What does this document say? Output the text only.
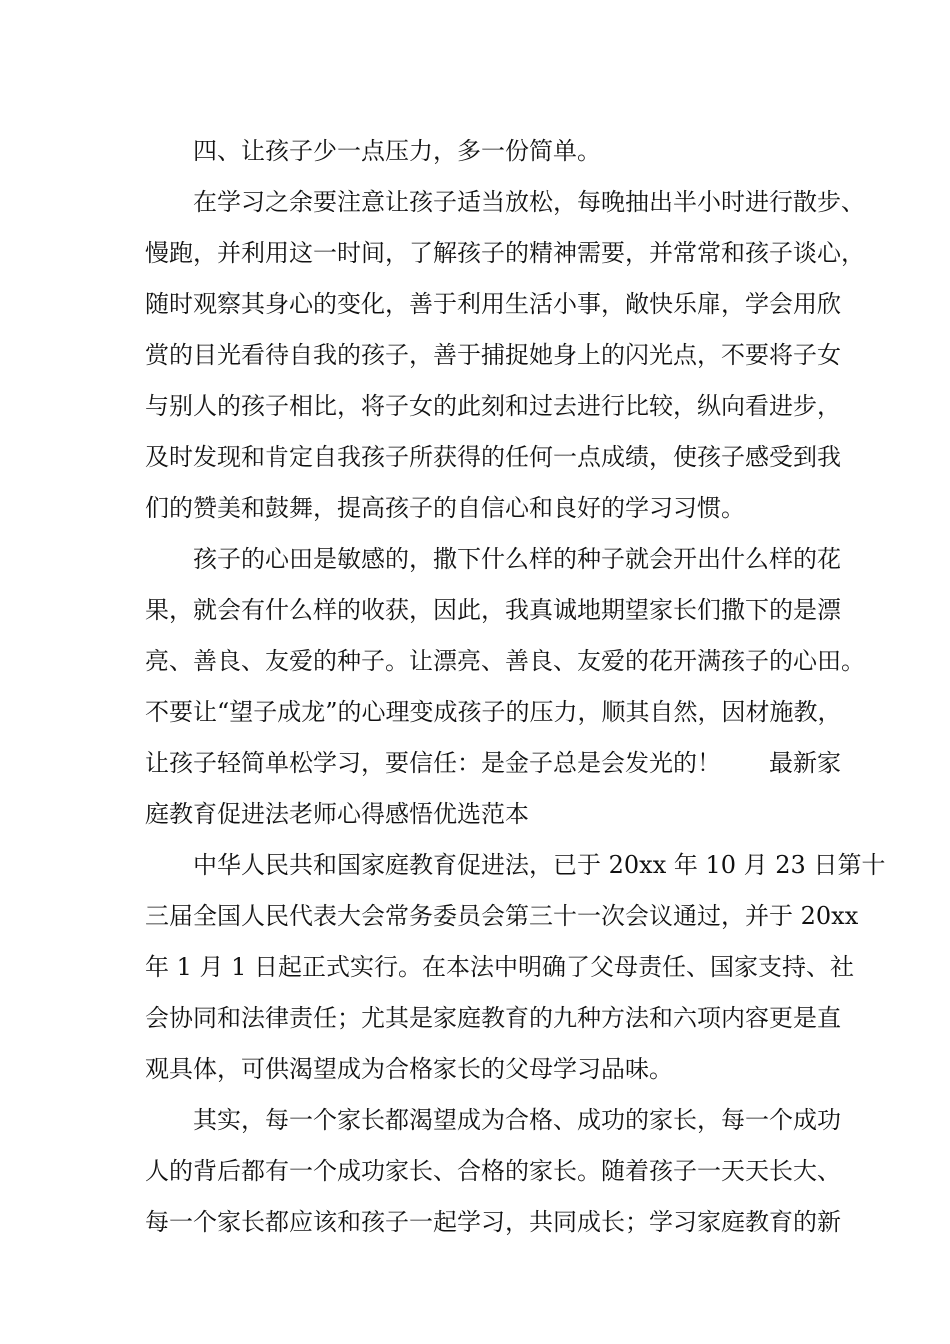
四、让孩子少一点压力，多一份简单。
在学习之余要注意让孩子适当放松，每晚抽出半小时进行散步、
慢跑，并利用这一时间，了解孩子的精神需要，并常常和孩子谈心，
随时观察其身心的变化，善于利用生活小事，敞快乐扉，学会用欣
赏的目光看待自我的孩子，善于捕捉她身上的闪光点，不要将子女
与别人的孩子相比，将子女的此刻和过去进行比较，纵向看进步，
及时发现和肯定自我孩子所获得的任何一点成绩，使孩子感受到我
们的赞美和鼓舞，提高孩子的自信心和良好的学习习惯。
孩子的心田是敏感的，撒下什么样的种子就会开出什么样的花
果，就会有什么样的收获，因此，我真诚地期望家长们撒下的是漂
亮、善良、友爱的种子。让漂亮、善良、友爱的花开满孩子的心田。
不要让“望子成龙”的心理变成孩子的压力，顺其自然，因材施教，
让孩子轻简单松学习，要信任：是金子总是会发光的！　　最新家
庭教育促进法老师心得感悟优选范本
中华人民共和国家庭教育促进法，已于 20xx 年 10 月 23 日第十
三届全国人民代表大会常务委员会第三十一次会议通过，并于 20xx
年 1 月 1 日起正式实行。在本法中明确了父母责任、国家支持、社
会协同和法律责任；尤其是家庭教育的九种方法和六项内容更是直
观具体，可供渴望成为合格家长的父母学习品味。
其实，每一个家长都渴望成为合格、成功的家长，每一个成功
人的背后都有一个成功家长、合格的家长。随着孩子一天天长大、
每一个家长都应该和孩子一起学习，共同成长；学习家庭教育的新
